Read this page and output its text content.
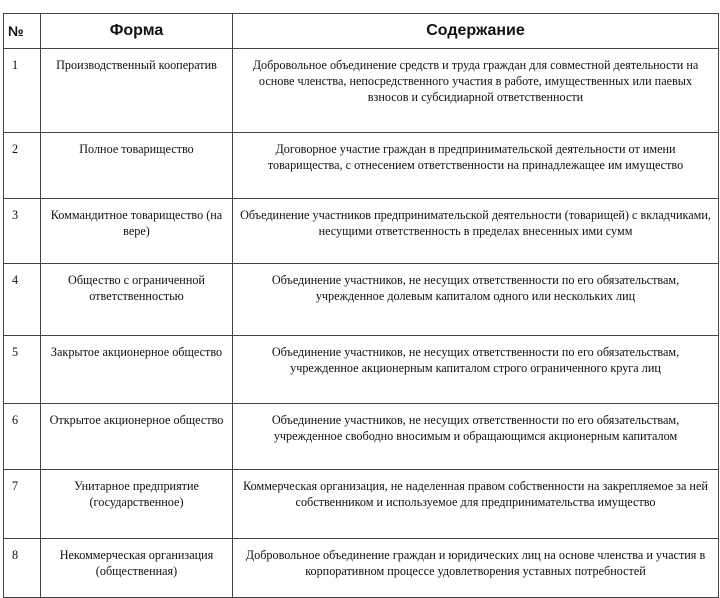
№	Форма	Содержание
1	Производственный кооператив	Добровольное объединение средств и труда граждан для совместной деятельности на основе членства, непосредственного участия в работе, имущественных или паевых взносов и субсидиарной ответственности
2	Полное товарищество	Договорное участие граждан в предпринимательской деятельности от имени товарищества, с отнесением ответственности на принадлежащее им имущество
3	Коммандитное товарищество (на вере)	Объединение участников предпринимательской деятельности (товарищей) с вкладчиками, несущими ответственность в пределах внесенных ими сумм
4	Общество с ограниченной ответственностью	Объединение участников, не несущих ответственности по его обязательствам, учрежденное долевым капиталом одного или нескольких лиц
5	Закрытое акционерное общество	Объединение участников, не несущих ответственности по его обязательствам, учрежденное акционерным капиталом строго ограниченного круга лиц
6	Открытое акционерное общество	Объединение участников, не несущих ответственности по его обязательствам, учрежденное свободно вносимым и обращающимся акционерным капиталом
7	Унитарное предприятие (государственное)	Коммерческая организация, не наделенная правом собственности на закрепляемое за ней собственником и используемое для предпринимательства имущество
8	Некоммерческая организация (общественная)	Добровольное объединение граждан и юридических лиц на основе членства и участия в корпоративном процессе удовлетворения уставных потребностей
